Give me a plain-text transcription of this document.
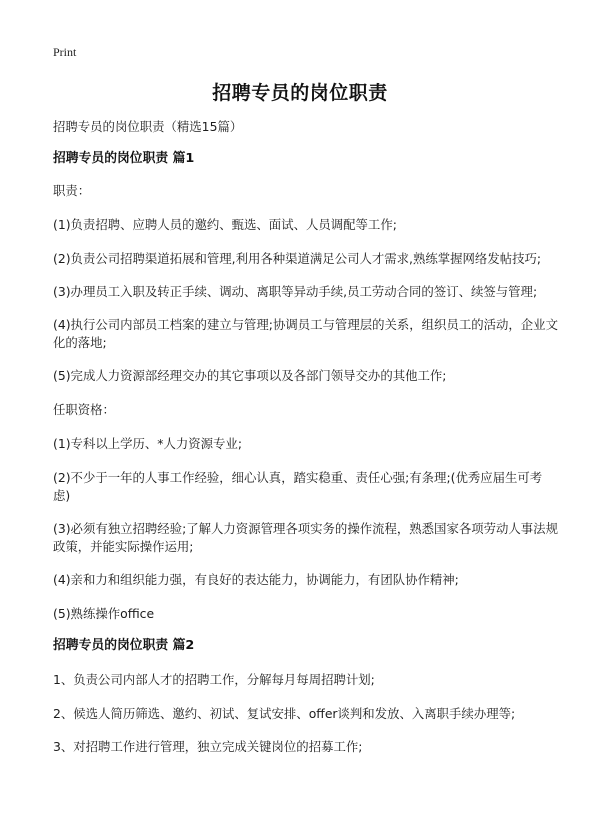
Print
招聘专员的岗位职责

招聘专员的岗位职责（精选15篇）

招聘专员的岗位职责 篇1

职责：

(1)负责招聘、应聘人员的邀约、甄选、面试、人员调配等工作;

(2)负责公司招聘渠道拓展和管理,利用各种渠道满足公司人才需求,熟练掌握网络发帖技巧;

(3)办理员工入职及转正手续、调动、离职等异动手续,员工劳动合同的签订、续签与管理;

(4)执行公司内部员工档案的建立与管理;协调员工与管理层的关系，组织员工的活动，企业文化的落地;

(5)完成人力资源部经理交办的其它事项以及各部门领导交办的其他工作;

任职资格：

(1)专科以上学历、*人力资源专业;

(2)不少于一年的人事工作经验，细心认真，踏实稳重、责任心强;有条理;(优秀应届生可考虑)

(3)必须有独立招聘经验;了解人力资源管理各项实务的操作流程，熟悉国家各项劳动人事法规政策，并能实际操作运用;

(4)亲和力和组织能力强，有良好的表达能力，协调能力，有团队协作精神;

(5)熟练操作office

招聘专员的岗位职责 篇2

1、负责公司内部人才的招聘工作，分解每月每周招聘计划;

2、候选人简历筛选、邀约、初试、复试安排、offer谈判和发放、入离职手续办理等;

3、对招聘工作进行管理，独立完成关键岗位的招募工作;
